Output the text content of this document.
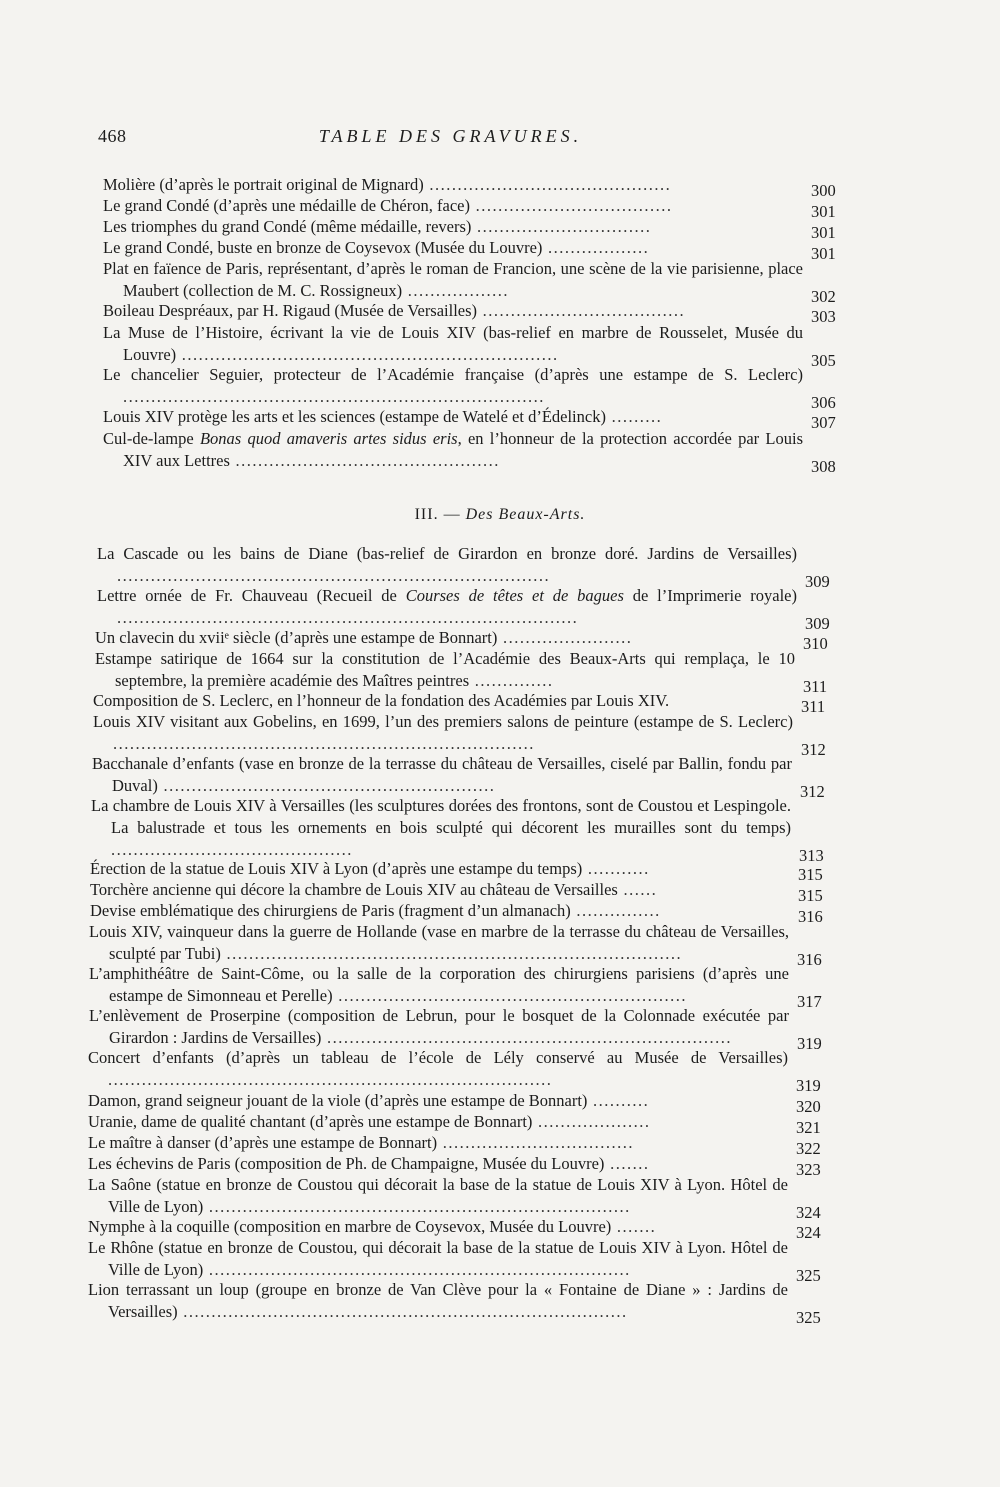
468	TABLE DES GRAVURES.
Molière (d’après le portrait original de Mignard) ...........................................	300
Le grand Condé (d’après une médaille de Chéron, face) ...................................	301
Les triomphes du grand Condé (même médaille, revers) ...............................	301
Le grand Condé, buste en bronze de Coysevox (Musée du Louvre) ..................	301
Plat en faïence de Paris, représentant, d’après le roman de Francion, une scène de la vie parisienne, place Maubert (collection de M. C. Rossigneux) ..................	302
Boileau Despréaux, par H. Rigaud (Musée de Versailles) ....................................	303
La Muse de l’Histoire, écrivant la vie de Louis XIV (bas-relief en marbre de Rousselet, Musée du Louvre) ...................................................................	305
Le chancelier Seguier, protecteur de l’Académie française (d’après une estampe de S. Leclerc) ...........................................................................	306
Louis XIV protège les arts et les sciences (estampe de Watelé et d’Édelinck) .........	307
Cul-de-lampe Bonas quod amaveris artes sidus eris, en l’honneur de la protection accordée par Louis XIV aux Lettres ...............................................	308
III. — Des Beaux-Arts.
La Cascade ou les bains de Diane (bas-relief de Girardon en bronze doré. Jardins de Versailles) .............................................................................	309
Lettre ornée de Fr. Chauveau (Recueil de Courses de têtes et de bagues de l’Imprimerie royale) ..................................................................................	309
Un clavecin du xviiᵉ siècle (d’après une estampe de Bonnart) .......................	310
Estampe satirique de 1664 sur la constitution de l’Académie des Beaux-Arts qui remplaça, le 10 septembre, la première académie des Maîtres peintres ..............	311
Composition de S. Leclerc, en l’honneur de la fondation des Académies par Louis XIV.	311
Louis XIV visitant aux Gobelins, en 1699, l’un des premiers salons de peinture (estampe de S. Leclerc) ...........................................................................	312
Bacchanale d’enfants (vase en bronze de la terrasse du château de Versailles, ciselé par Ballin, fondu par Duval) ...........................................................	312
La chambre de Louis XIV à Versailles (les sculptures dorées des frontons, sont de Coustou et Lespingole. La balustrade et tous les ornements en bois sculpté qui décorent les murailles sont du temps) ...........................................	313
Érection de la statue de Louis XIV à Lyon (d’après une estampe du temps) ...........	315
Torchère ancienne qui décore la chambre de Louis XIV au château de Versailles ......	315
Devise emblématique des chirurgiens de Paris (fragment d’un almanach) ...............	316
Louis XIV, vainqueur dans la guerre de Hollande (vase en marbre de la terrasse du château de Versailles, sculpté par Tubi) .................................................................................	316
L’amphithéâtre de Saint-Côme, ou la salle de la corporation des chirurgiens parisiens (d’après une estampe de Simonneau et Perelle) ..............................................................	317
L’enlèvement de Proserpine (composition de Lebrun, pour le bosquet de la Colonnade exécutée par Girardon : Jardins de Versailles) ........................................................................	319
Concert d’enfants (d’après un tableau de l’école de Lély conservé au Musée de Versailles) ...............................................................................	319
Damon, grand seigneur jouant de la viole (d’après une estampe de Bonnart) ..........	320
Uranie, dame de qualité chantant (d’après une estampe de Bonnart) ....................	321
Le maître à danser (d’après une estampe de Bonnart) ..................................	322
Les échevins de Paris (composition de Ph. de Champaigne, Musée du Louvre) .......	323
La Saône (statue en bronze de Coustou qui décorait la base de la statue de Louis XIV à Lyon. Hôtel de Ville de Lyon) ...........................................................................	324
Nymphe à la coquille (composition en marbre de Coysevox, Musée du Louvre) .......	324
Le Rhône (statue en bronze de Coustou, qui décorait la base de la statue de Louis XIV à Lyon. Hôtel de Ville de Lyon) ...........................................................................	325
Lion terrassant un loup (groupe en bronze de Van Clève pour la « Fontaine de Diane » : Jardins de Versailles) ...............................................................................	325
